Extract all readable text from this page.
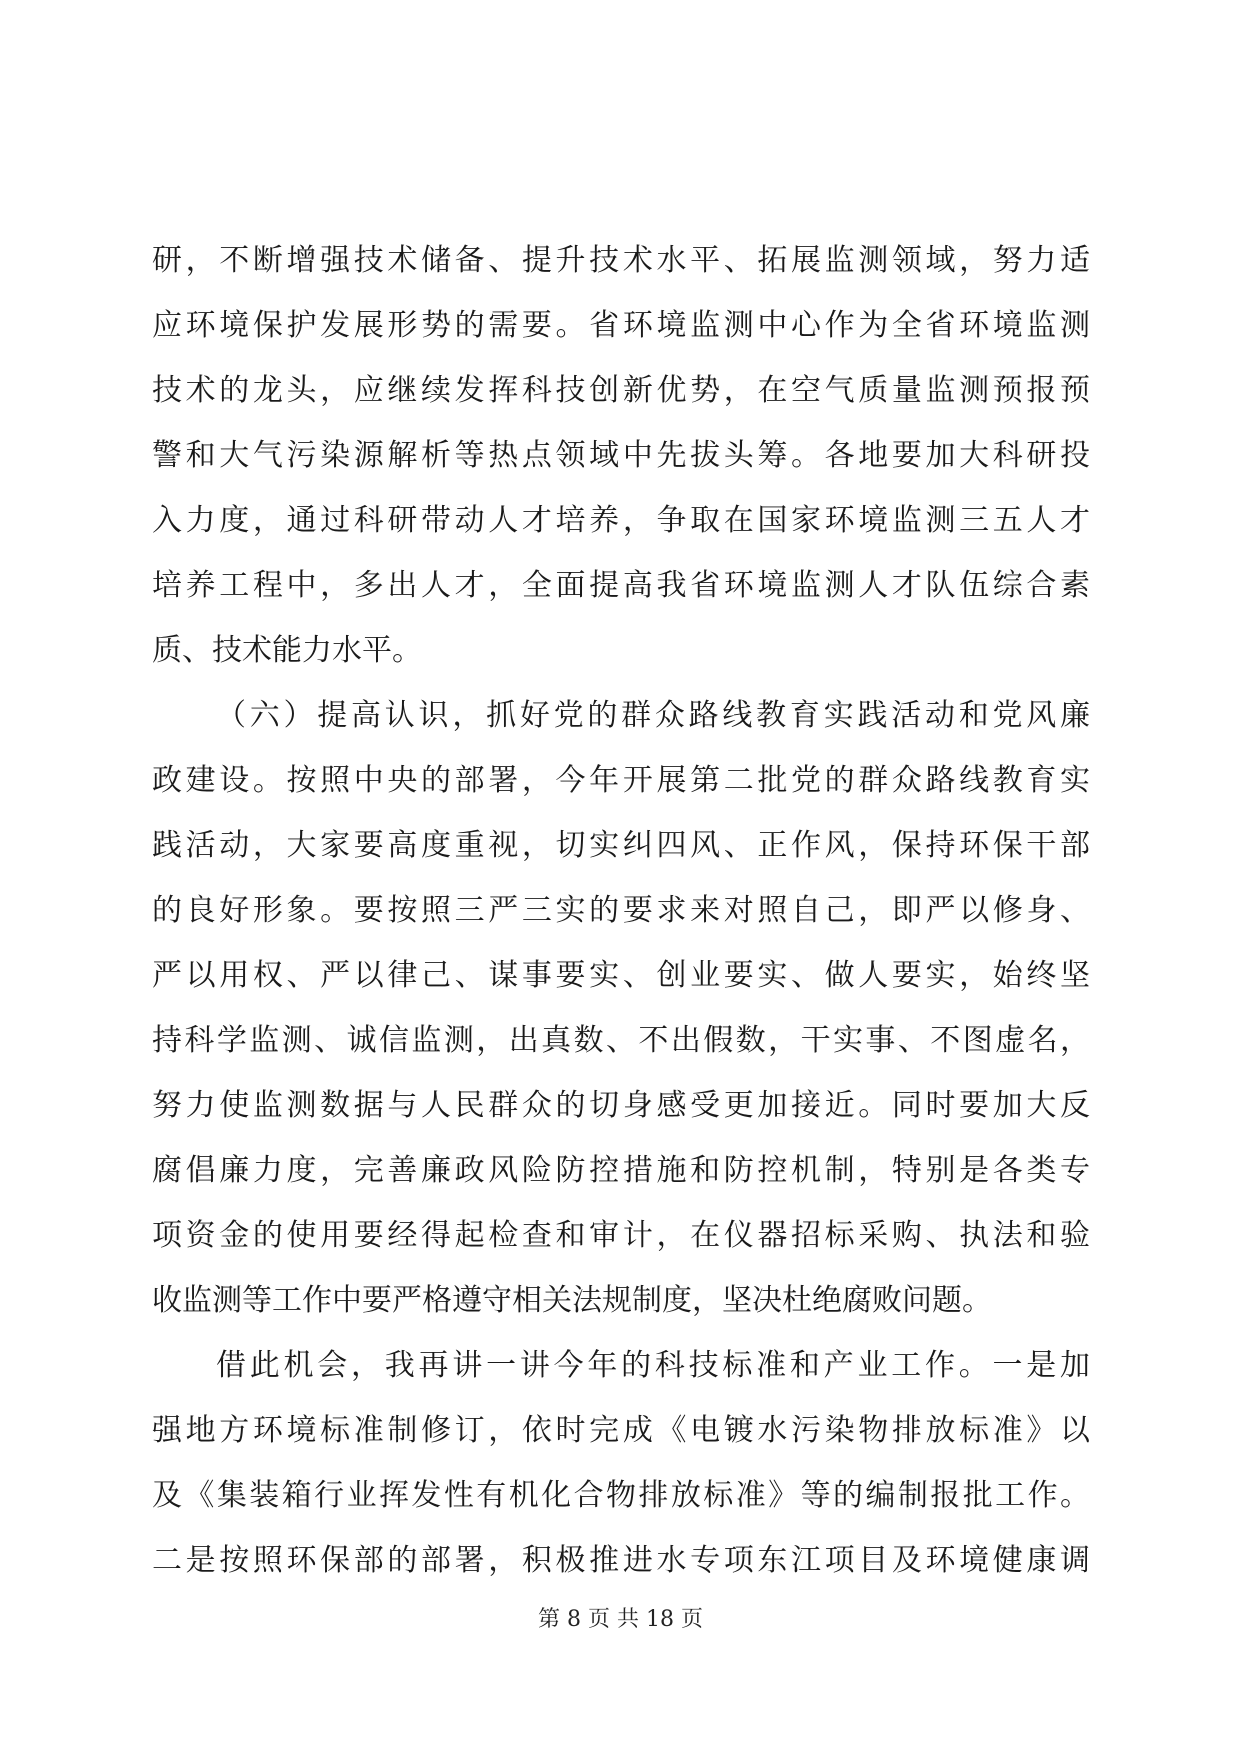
研，不断增强技术储备、提升技术水平、拓展监测领域，努力适
应环境保护发展形势的需要。省环境监测中心作为全省环境监测
技术的龙头，应继续发挥科技创新优势，在空气质量监测预报预
警和大气污染源解析等热点领域中先拔头筹。各地要加大科研投
入力度，通过科研带动人才培养，争取在国家环境监测三五人才
培养工程中，多出人才，全面提高我省环境监测人才队伍综合素
质、技术能力水平。
（六）提高认识，抓好党的群众路线教育实践活动和党风廉
政建设。按照中央的部署，今年开展第二批党的群众路线教育实
践活动，大家要高度重视，切实纠四风、正作风，保持环保干部
的良好形象。要按照三严三实的要求来对照自己，即严以修身、
严以用权、严以律己、谋事要实、创业要实、做人要实，始终坚
持科学监测、诚信监测，出真数、不出假数，干实事、不图虚名，
努力使监测数据与人民群众的切身感受更加接近。同时要加大反
腐倡廉力度，完善廉政风险防控措施和防控机制，特别是各类专
项资金的使用要经得起检查和审计，在仪器招标采购、执法和验
收监测等工作中要严格遵守相关法规制度，坚决杜绝腐败问题。
借此机会，我再讲一讲今年的科技标准和产业工作。一是加
强地方环境标准制修订，依时完成《电镀水污染物排放标准》以
及《集装箱行业挥发性有机化合物排放标准》等的编制报批工作。
二是按照环保部的部署，积极推进水专项东江项目及环境健康调
第 8 页 共 18 页
